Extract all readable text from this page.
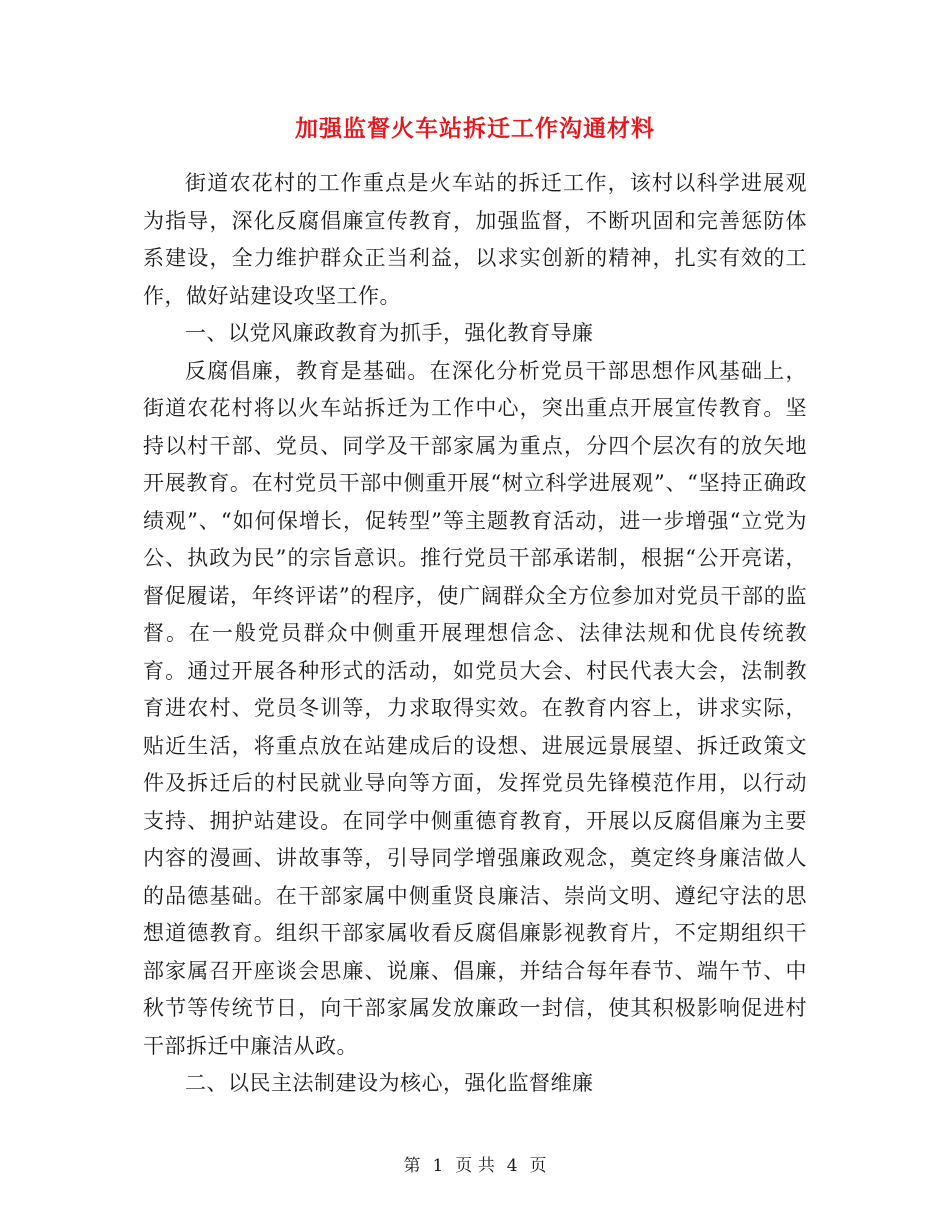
加强监督火车站拆迁工作沟通材料

街道农花村的工作重点是火车站的拆迁工作，该村以科学进展观为指导，深化反腐倡廉宣传教育，加强监督，不断巩固和完善惩防体系建设，全力维护群众正当利益，以求实创新的精神，扎实有效的工作，做好站建设攻坚工作。

一、以党风廉政教育为抓手，强化教育导廉

反腐倡廉，教育是基础。在深化分析党员干部思想作风基础上，街道农花村将以火车站拆迁为工作中心，突出重点开展宣传教育。坚持以村干部、党员、同学及干部家属为重点，分四个层次有的放矢地开展教育。在村党员干部中侧重开展“树立科学进展观”、“坚持正确政绩观”、“如何保增长，促转型”等主题教育活动，进一步增强“立党为公、执政为民”的宗旨意识。推行党员干部承诺制，根据“公开亮诺，督促履诺，年终评诺”的程序，使广阔群众全方位参加对党员干部的监督。在一般党员群众中侧重开展理想信念、法律法规和优良传统教育。通过开展各种形式的活动，如党员大会、村民代表大会，法制教育进农村、党员冬训等，力求取得实效。在教育内容上，讲求实际，贴近生活，将重点放在站建成后的设想、进展远景展望、拆迁政策文件及拆迁后的村民就业导向等方面，发挥党员先锋模范作用，以行动支持、拥护站建设。在同学中侧重德育教育，开展以反腐倡廉为主要内容的漫画、讲故事等，引导同学增强廉政观念，奠定终身廉洁做人的品德基础。在干部家属中侧重贤良廉洁、崇尚文明、遵纪守法的思想道德教育。组织干部家属收看反腐倡廉影视教育片，不定期组织干部家属召开座谈会思廉、说廉、倡廉，并结合每年春节、端午节、中秋节等传统节日，向干部家属发放廉政一封信，使其积极影响促进村干部拆迁中廉洁从政。

二、以民主法制建设为核心，强化监督维廉

第 1 页 共 4 页
